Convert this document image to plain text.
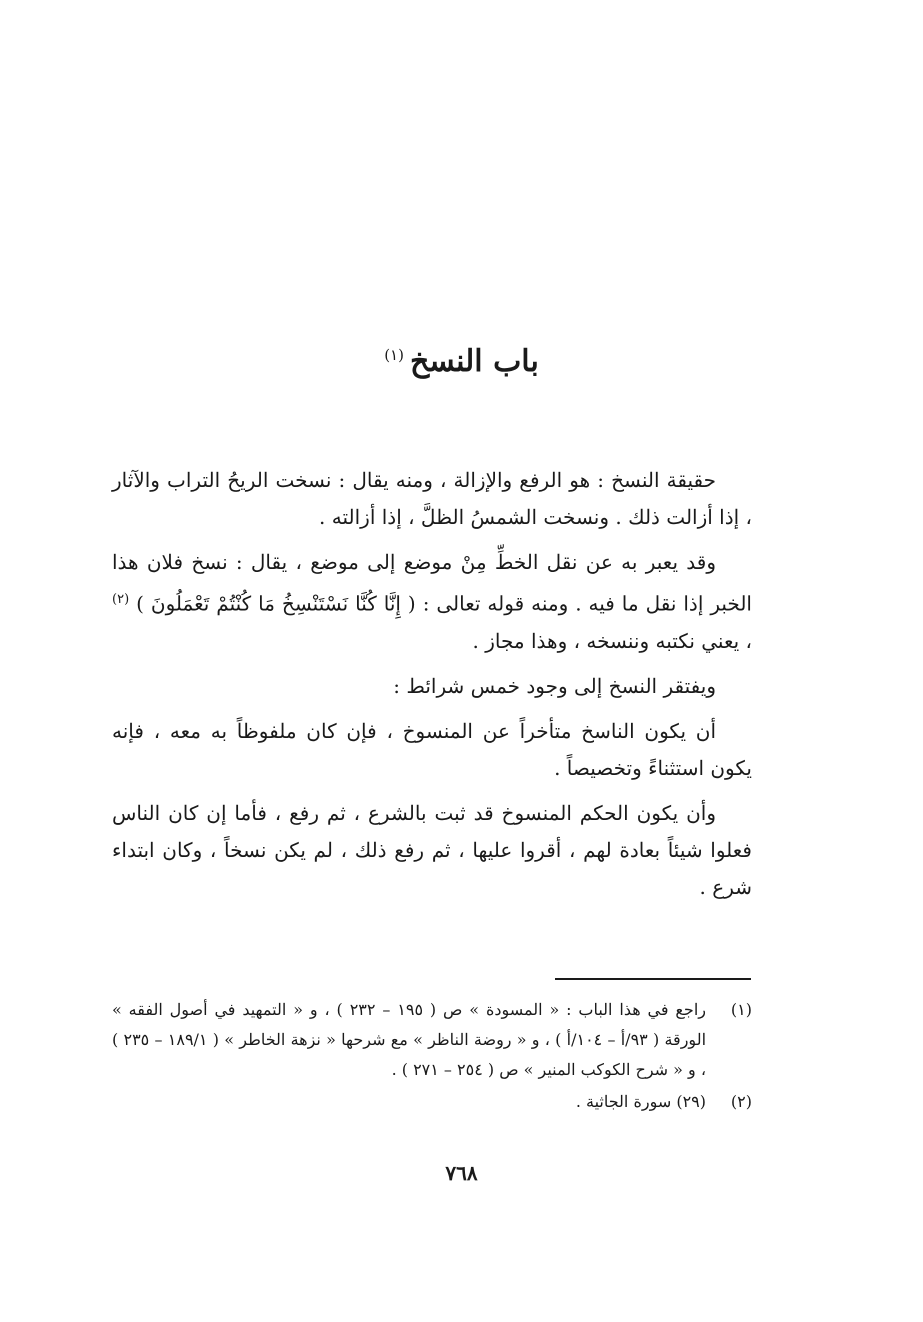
باب النسخ$^{(١)}$

حقيقة النسخ : هو الرفع والإزالة ، ومنه يقال : نسخت الريحُ التراب والآثار ، إذا أزالت ذلك . ونسخت الشمسُ الظلَّ ، إذا أزالته .

وقد يعبر به عن نقل الخطِّ مِنْ موضع إلى موضع ، يقال : نسخ فلان هذا الخبر إذا نقل ما فيه . ومنه قوله تعالى : ( إِنَّا كُنَّا نَسْتَنْسِخُ مَا كُنْتُمْ تَعْمَلُونَ ) $^{(٢)}$ ، يعني نكتبه وننسخه ، وهذا مجاز .

ويفتقر النسخ إلى وجود خمس شرائط :

أن يكون الناسخ متأخراً عن المنسوخ ، فإن كان ملفوظاً به معه ، فإنه يكون استثناءً وتخصيصاً .

وأن يكون الحكم المنسوخ قد ثبت بالشرع ، ثم رفع ، فأما إن كان الناس فعلوا شيئاً بعادة لهم ، أقروا عليها ، ثم رفع ذلك ، لم يكن نسخاً ، وكان ابتداء شرع .

(١)
راجع في هذا الباب : « المسودة » ص ( ١٩٥ – ٢٣٢ ) ، و « التمهيد في أصول الفقه » الورقة ( ٩٣/أ – ١٠٤/أ ) ، و « روضة الناظر » مع شرحها « نزهة الخاطر » ( ١٨٩/١ – ٢٣٥ ) ، و « شرح الكوكب المنير » ص ( ٢٥٤ – ٢٧١ ) .
(٢)
(٢٩) سورة الجاثية .
٧٦٨
